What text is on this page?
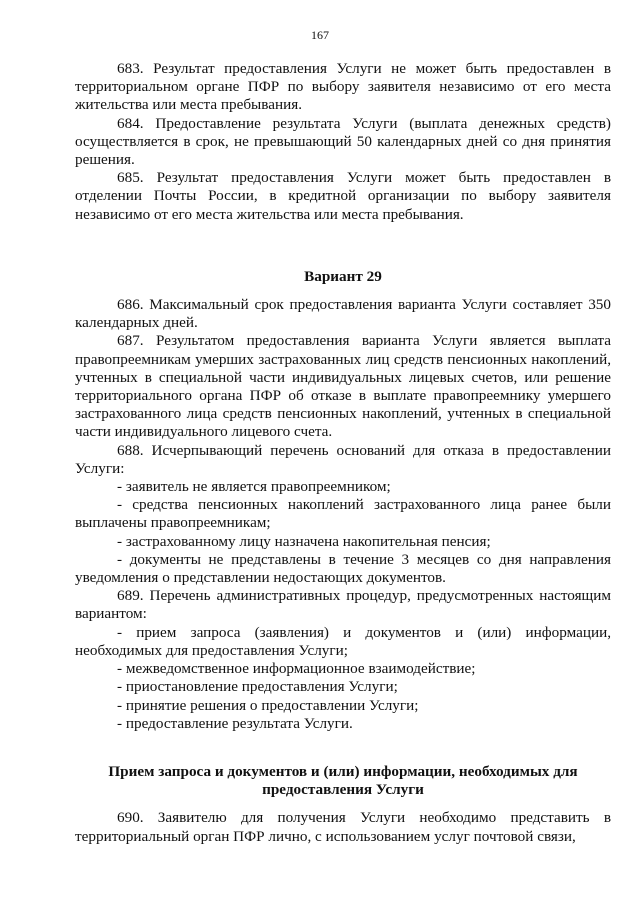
167

683. Результат предоставления Услуги не может быть предоставлен в территориальном органе ПФР по выбору заявителя независимо от его места жительства или места пребывания.

684. Предоставление результата Услуги (выплата денежных средств) осуществляется в срок, не превышающий 50 календарных дней со дня принятия решения.

685. Результат предоставления Услуги может быть предоставлен в отделении Почты России, в кредитной организации по выбору заявителя независимо от его места жительства или места пребывания.

Вариант 29

686. Максимальный срок предоставления варианта Услуги составляет 350 календарных дней.

687. Результатом предоставления варианта Услуги является выплата правопреемникам умерших застрахованных лиц средств пенсионных накоплений, учтенных в специальной части индивидуальных лицевых счетов, или решение территориального органа ПФР об отказе в выплате правопреемнику умершего застрахованного лица средств пенсионных накоплений, учтенных в специальной части индивидуального лицевого счета.

688. Исчерпывающий перечень оснований для отказа в предоставлении Услуги:

- заявитель не является правопреемником;

- средства пенсионных накоплений застрахованного лица ранее были выплачены правопреемникам;

- застрахованному лицу назначена накопительная пенсия;

- документы не представлены в течение 3 месяцев со дня направления уведомления о представлении недостающих документов.

689. Перечень административных процедур, предусмотренных настоящим вариантом:

- прием запроса (заявления) и документов и (или) информации, необходимых для предоставления Услуги;

- межведомственное информационное взаимодействие;

- приостановление предоставления Услуги;

- принятие решения о предоставлении Услуги;

- предоставление результата Услуги.

Прием запроса и документов и (или) информации, необходимых для предоставления Услуги

690. Заявителю для получения Услуги необходимо представить в территориальный орган ПФР лично, с использованием услуг почтовой связи,
